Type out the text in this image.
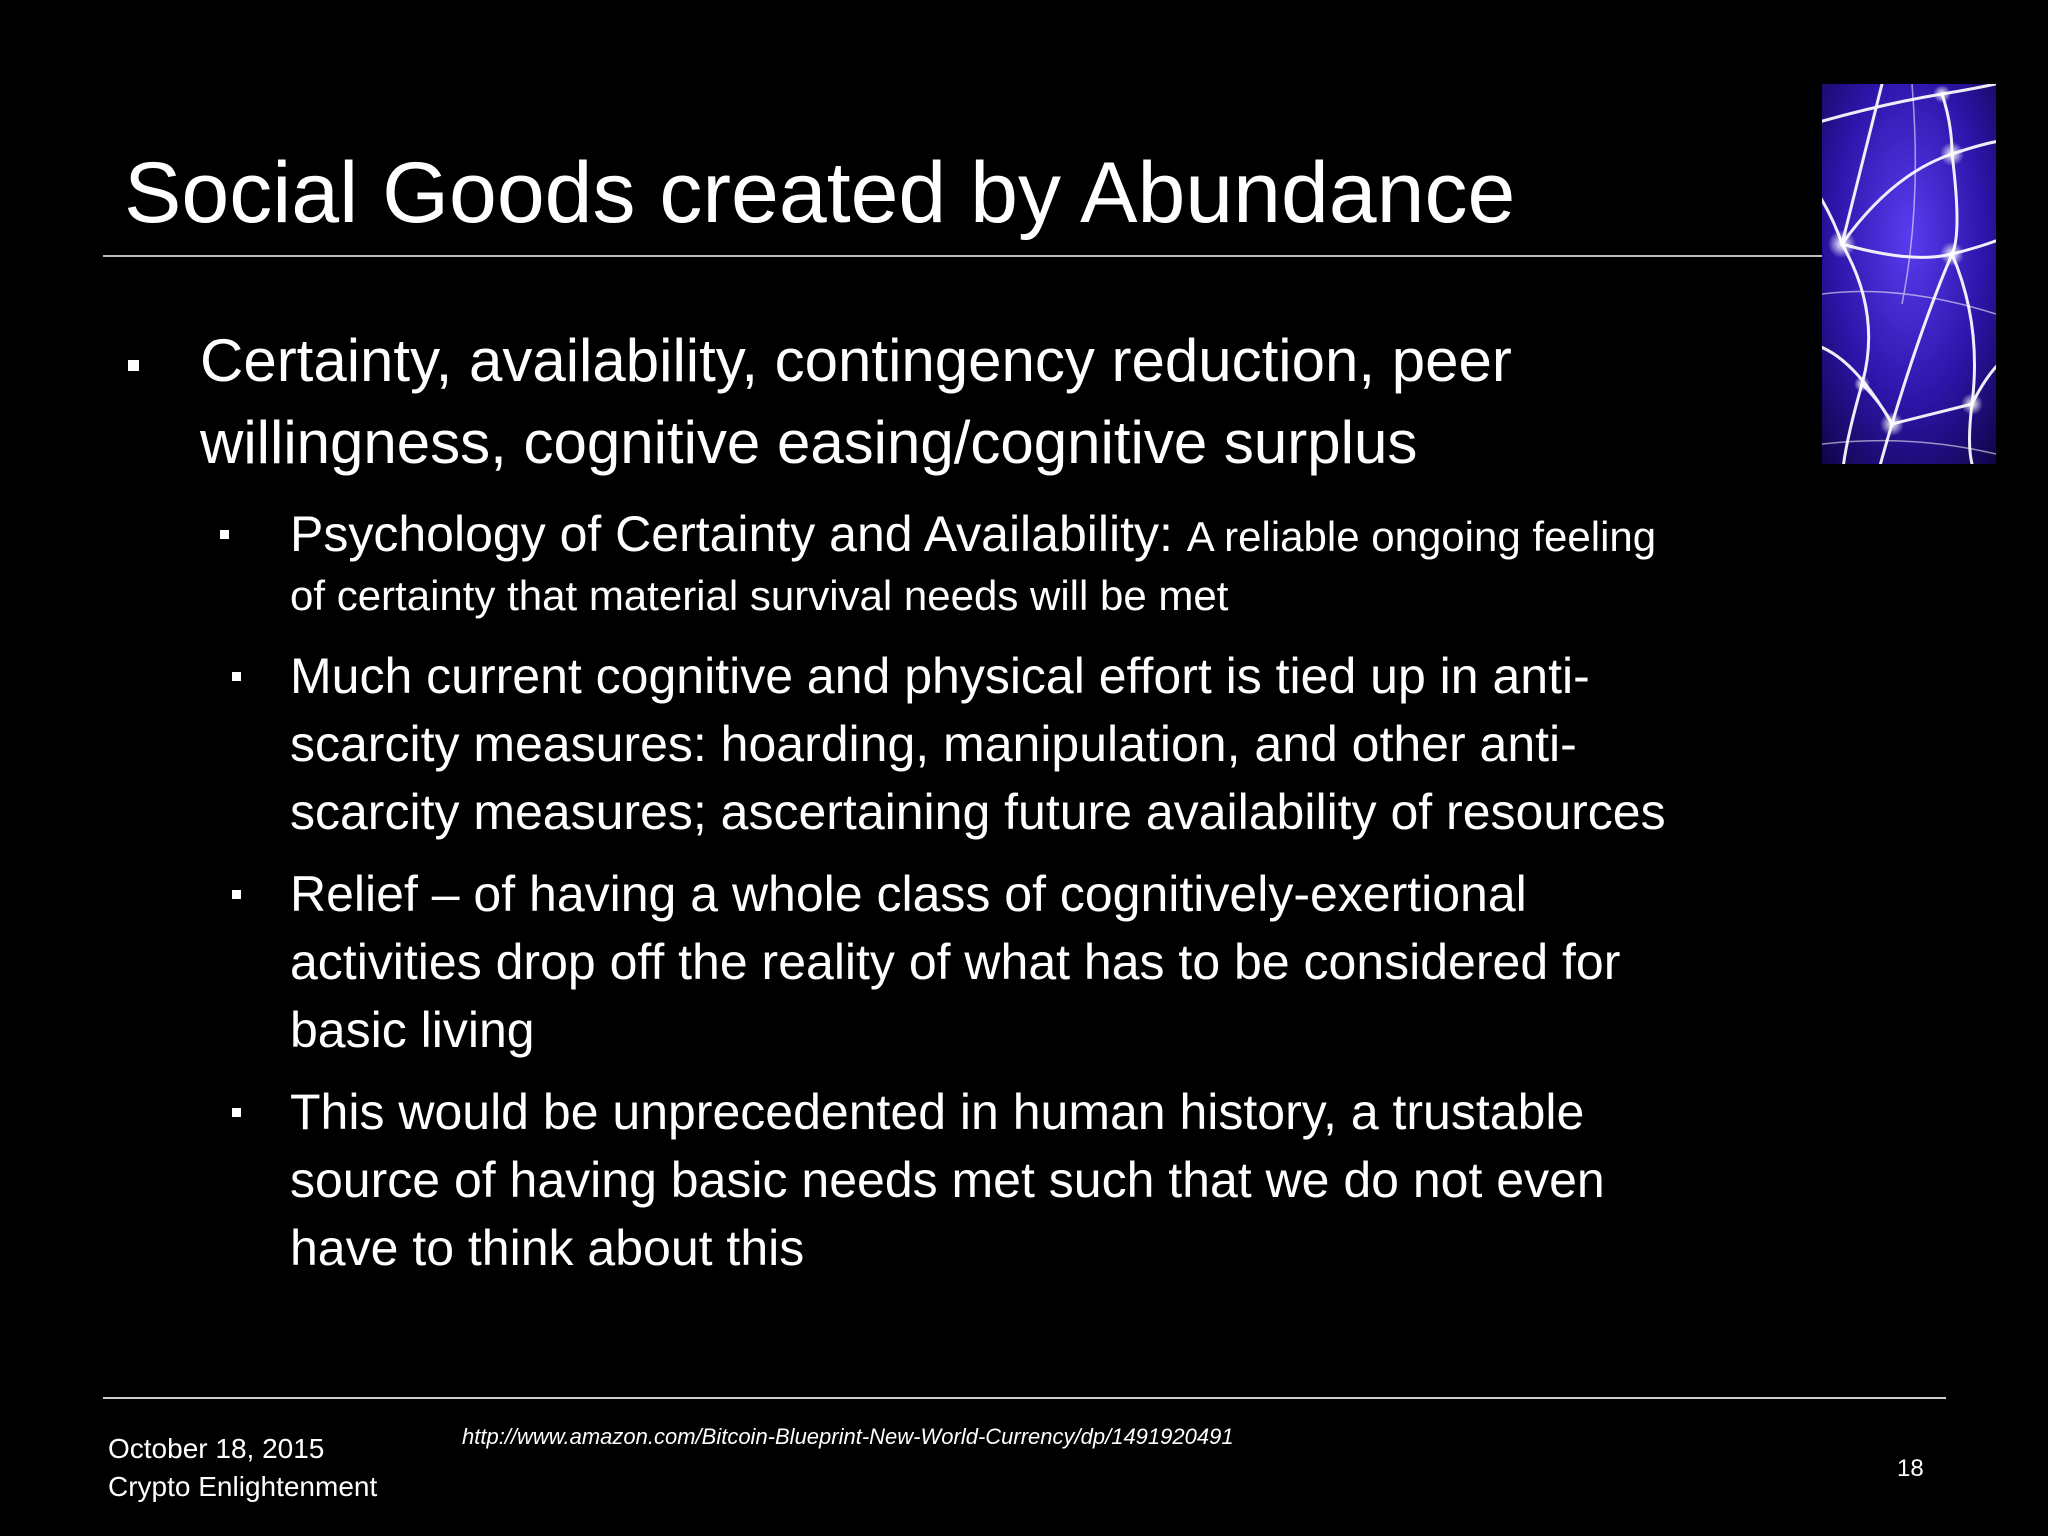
Social Goods created by Abundance
Certainty, availability, contingency reduction, peer
willingness, cognitive easing/cognitive surplus
Psychology of Certainty and Availability: A reliable ongoing feeling
of certainty that material survival needs will be met
Much current cognitive and physical effort is tied up in anti-
scarcity measures: hoarding, manipulation, and other anti-
scarcity measures; ascertaining future availability of resources
Relief – of having a whole class of cognitively-exertional
activities drop off the reality of what has to be considered for
basic living
This would be unprecedented in human history, a trustable
source of having basic needs met such that we do not even
have to think about this
October 18, 2015
Crypto Enlightenment
http://www.amazon.com/Bitcoin-Blueprint-New-World-Currency/dp/1491920491
18
